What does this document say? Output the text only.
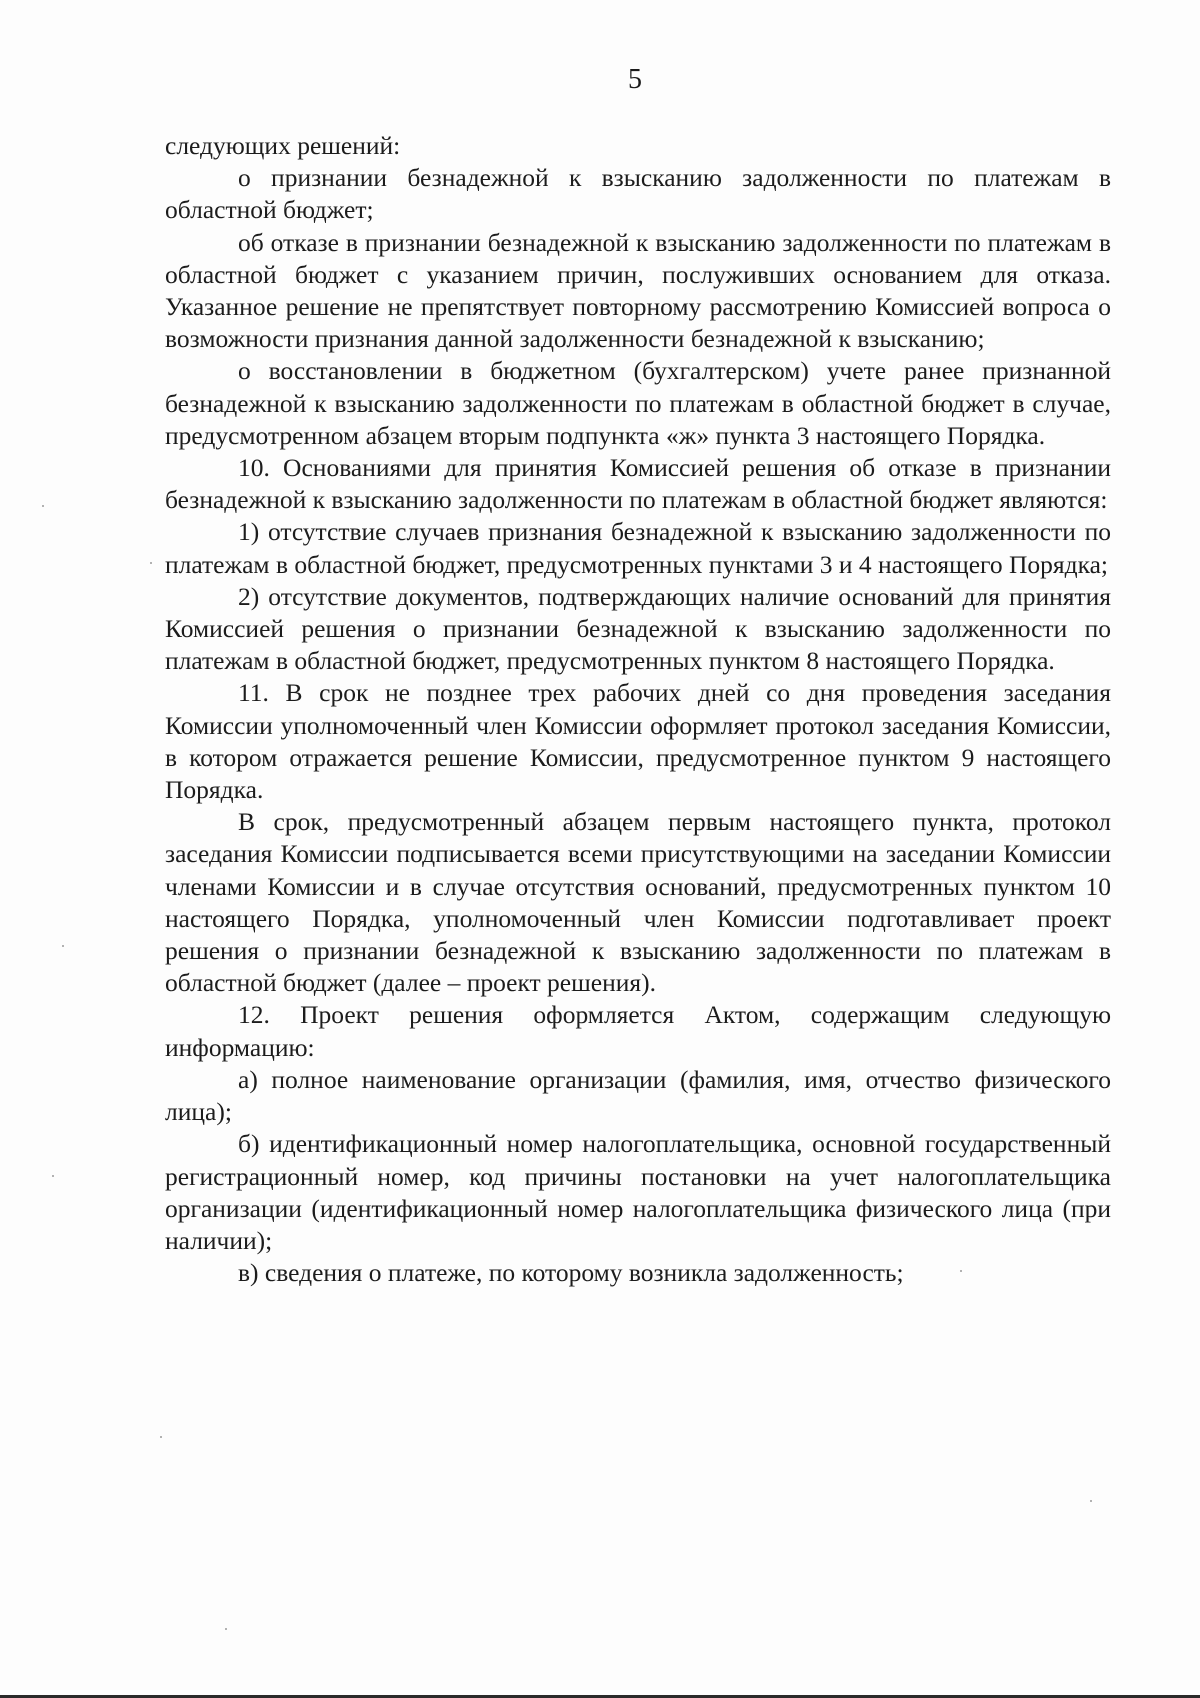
5

следующих решений:

о признании безнадежной к взысканию задолженности по платежам в областной бюджет;

об отказе в признании безнадежной к взысканию задолженности по платежам в областной бюджет с указанием причин, послуживших основанием для отказа. Указанное решение не препятствует повторному рассмотрению Комиссией вопроса о возможности признания данной задолженности безнадежной к взысканию;

о восстановлении в бюджетном (бухгалтерском) учете ранее признанной безнадежной к взысканию задолженности по платежам в областной бюджет в случае, предусмотренном абзацем вторым подпункта «ж» пункта 3 настоящего Порядка.

10. Основаниями для принятия Комиссией решения об отказе в признании безнадежной к взысканию задолженности по платежам в областной бюджет являются:

1) отсутствие случаев признания безнадежной к взысканию задолженности по платежам в областной бюджет, предусмотренных пунктами 3 и 4 настоящего Порядка;

2) отсутствие документов, подтверждающих наличие оснований для принятия Комиссией решения о признании безнадежной к взысканию задолженности по платежам в областной бюджет, предусмотренных пунктом 8 настоящего Порядка.

11. В срок не позднее трех рабочих дней со дня проведения заседания Комиссии уполномоченный член Комиссии оформляет протокол заседания Комиссии, в котором отражается решение Комиссии, предусмотренное пунктом 9 настоящего Порядка.

В срок, предусмотренный абзацем первым настоящего пункта, протокол заседания Комиссии подписывается всеми присутствующими на заседании Комиссии членами Комиссии и в случае отсутствия оснований, предусмотренных пунктом 10 настоящего Порядка, уполномоченный член Комиссии подготавливает проект решения о признании безнадежной к взысканию задолженности по платежам в областной бюджет (далее – проект решения).

12. Проект решения оформляется Актом, содержащим следующую информацию:

а) полное наименование организации (фамилия, имя, отчество физического лица);

б) идентификационный номер налогоплательщика, основной государственный регистрационный номер, код причины постановки на учет налогоплательщика организации (идентификационный номер налогоплательщика физического лица (при наличии);

в) сведения о платеже, по которому возникла задолженность;
